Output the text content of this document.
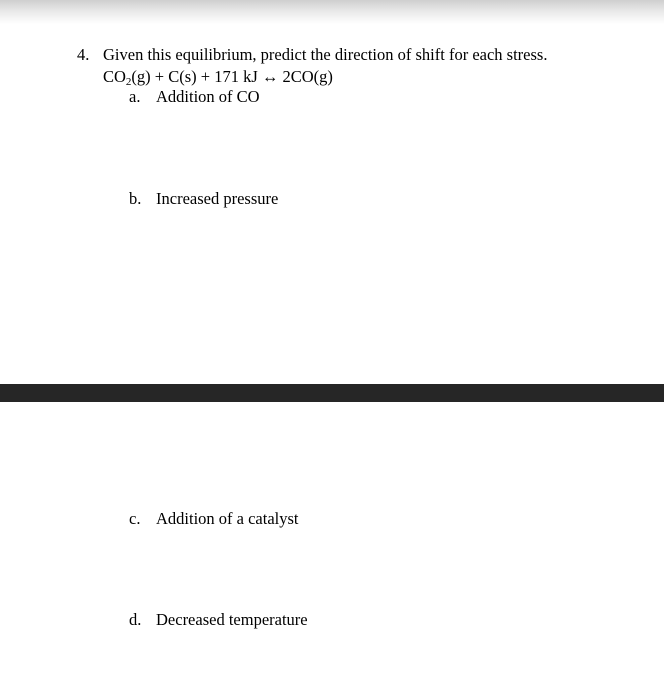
4. Given this equilibrium, predict the direction of shift for each stress.
$CO_2(g) + C(s) + 171$ kJ ↔ 2CO(g)
a. Addition of CO
b. Increased pressure
c. Addition of a catalyst
d. Decreased temperature
